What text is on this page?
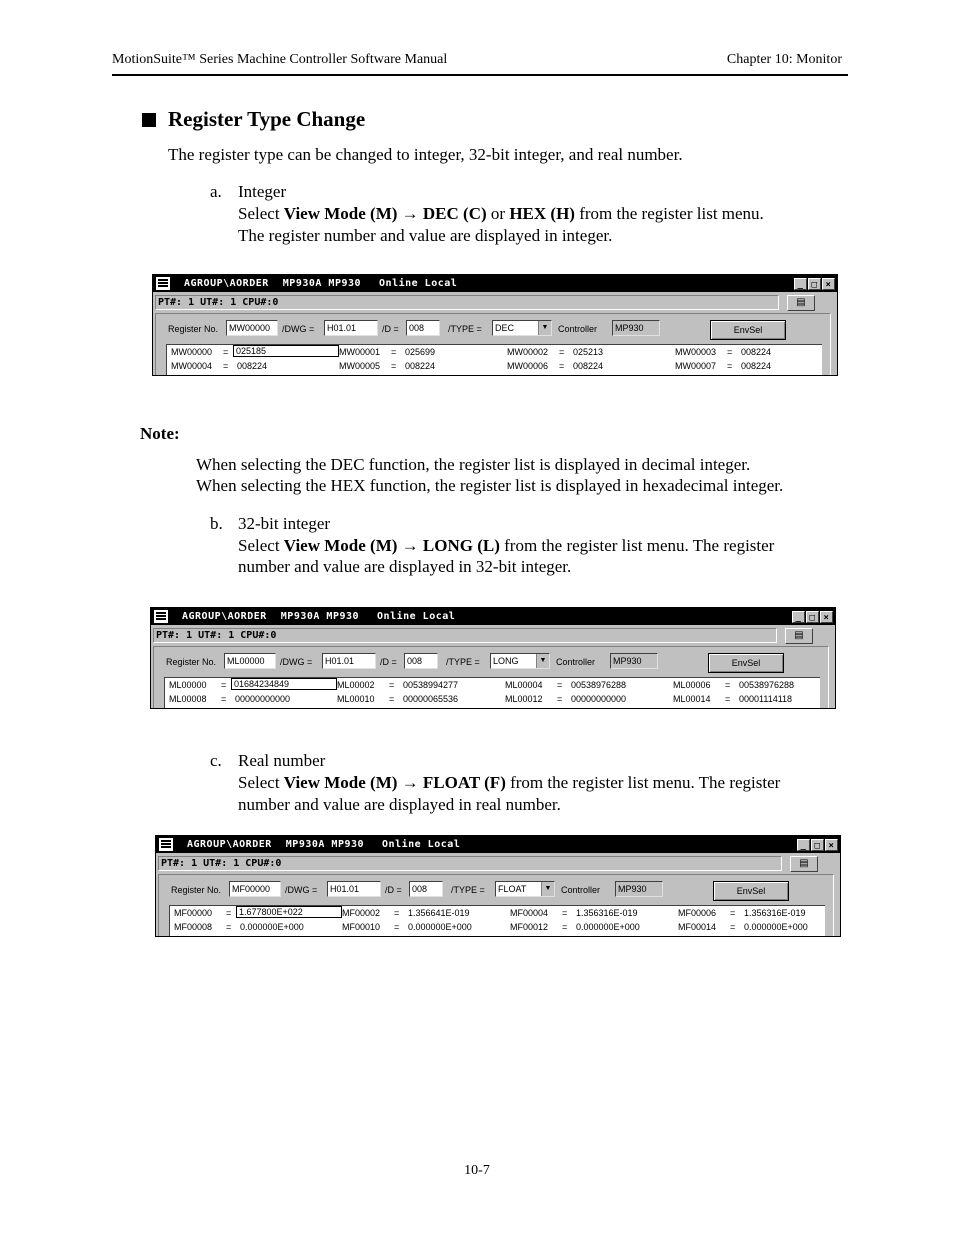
MotionSuite™ Series Machine Controller Software Manual	Chapter 10: Monitor
Register Type Change
The register type can be changed to integer, 32-bit integer, and real number.
a. Integer
Select View Mode (M) → DEC (C) or HEX (H) from the register list menu.
The register number and value are displayed in integer.
AGROUP\AORDER MP930A MP930 Online Local	_ □ ×
PT#: 1 UT#: 1 CPU#:0	▤
Register No.	MW00000	/DWG =	H01.01	/D =	008	/TYPE =	DEC	▼ Controller	MP930	EnvSel
MW00000 = 025185	MW00001 = 025699	MW00002 = 025213	MW00003 = 008224
MW00004 = 008224	MW00005 = 008224	MW00006 = 008224	MW00007 = 008224
Note:
When selecting the DEC function, the register list is displayed in decimal integer.
When selecting the HEX function, the register list is displayed in hexadecimal integer.
b. 32-bit integer
Select View Mode (M) → LONG (L) from the register list menu. The register
number and value are displayed in 32-bit integer.
AGROUP\AORDER MP930A MP930 Online Local	_ □ ×
PT#: 1 UT#: 1 CPU#:0	▤
Register No.	ML00000	/DWG =	H01.01	/D =	008	/TYPE =	LONG	▼ Controller	MP930	EnvSel
ML00000 = 01684234849	ML00002 = 00538994277	ML00004 = 00538976288	ML00006 = 00538976288
ML00008 = 00000000000	ML00010 = 00000065536	ML00012 = 00000000000	ML00014 = 00001114118
c. Real number
Select View Mode (M) → FLOAT (F) from the register list menu. The register
number and value are displayed in real number.
AGROUP\AORDER MP930A MP930 Online Local	_ □ ×
PT#: 1 UT#: 1 CPU#:0	▤
Register No.	MF00000	/DWG =	H01.01	/D =	008	/TYPE =	FLOAT	▼ Controller	MP930	EnvSel
MF00000 = 1.677800E+022	MF00002 = 1.356641E-019	MF00004 = 1.356316E-019	MF00006 = 1.356316E-019
MF00008 = 0.000000E+000	MF00010 = 0.000000E+000	MF00012 = 0.000000E+000	MF00014 = 0.000000E+000
10-7
